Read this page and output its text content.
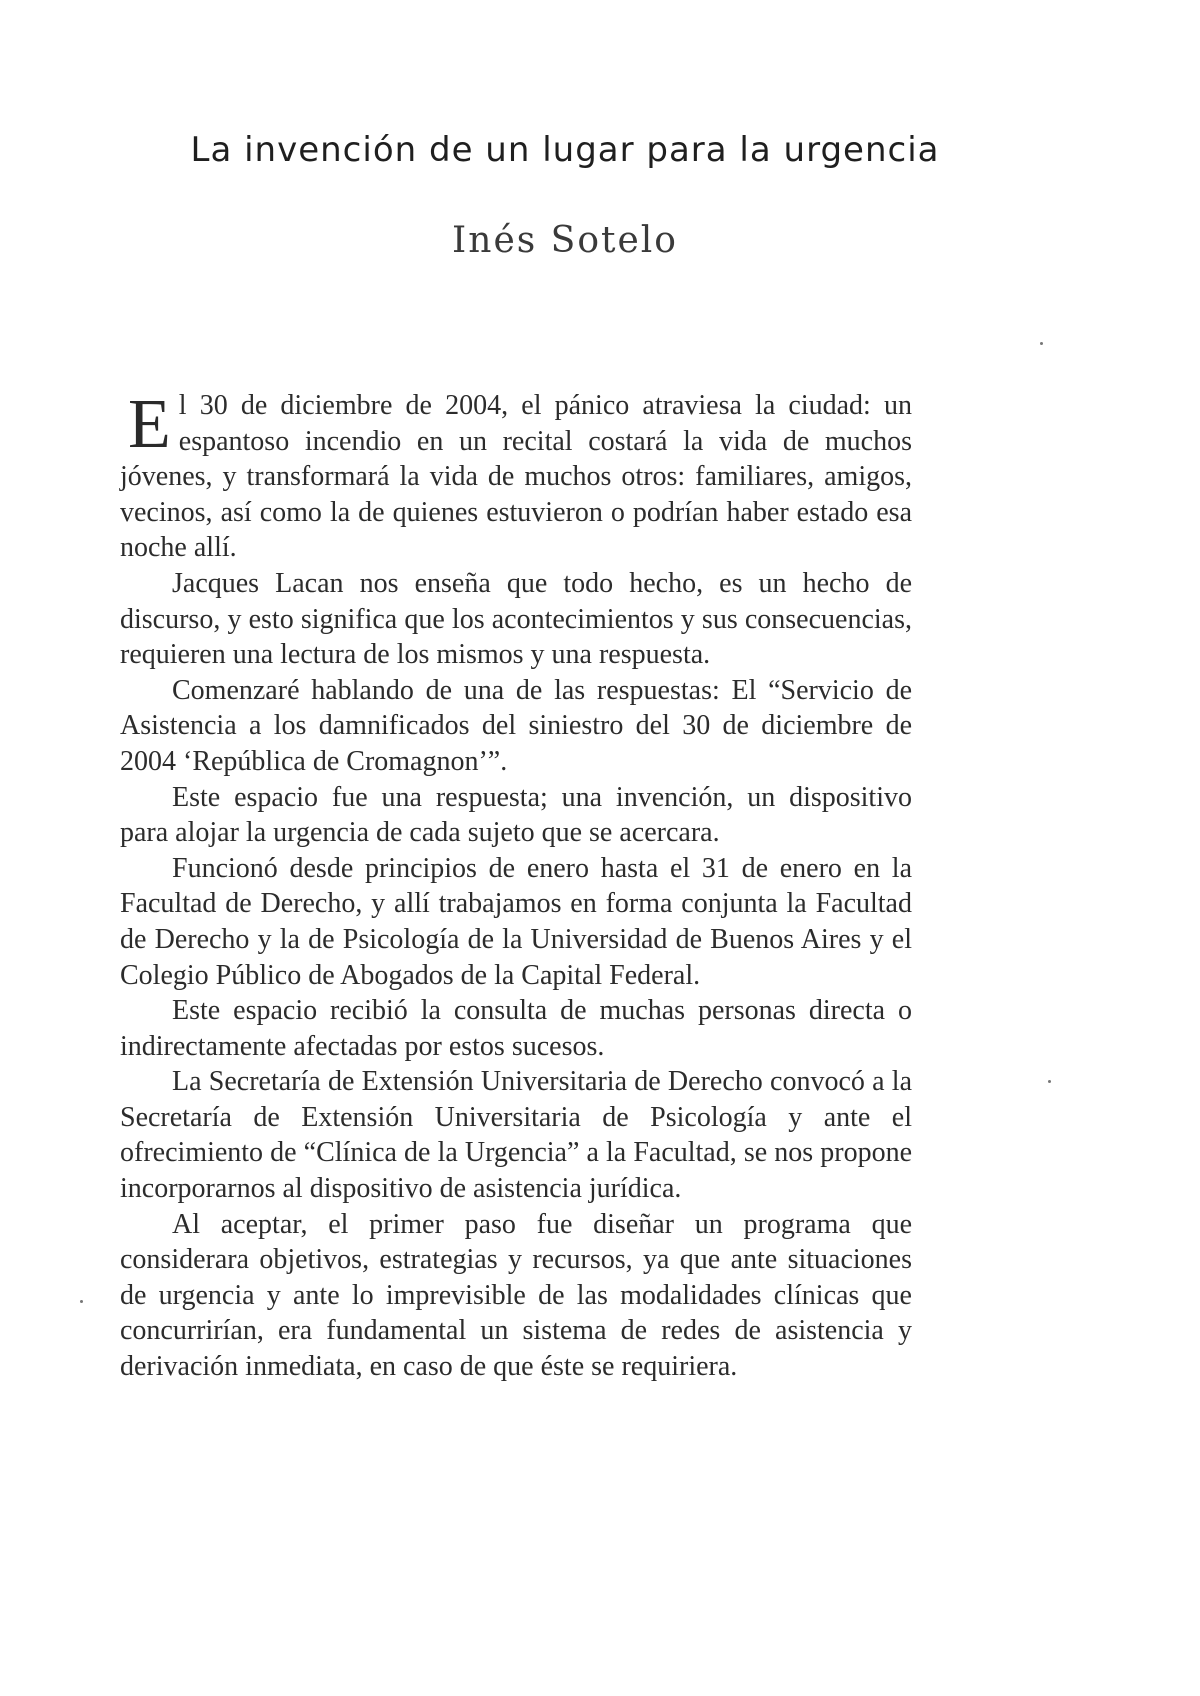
La invención de un lugar para la urgencia
Inés Sotelo

El 30 de diciembre de 2004, el pánico atraviesa la ciudad: un espantoso incendio en un recital costará la vida de muchos jóvenes, y transformará la vida de muchos otros: familiares, amigos, vecinos, así como la de quienes estuvieron o podrían haber estado esa noche allí.

Jacques Lacan nos enseña que todo hecho, es un hecho de discurso, y esto significa que los acontecimientos y sus consecuencias, requieren una lectura de los mismos y una respuesta.

Comenzaré hablando de una de las respuestas: El “Servicio de Asistencia a los damnificados del siniestro del 30 de diciembre de 2004 ‘República de Cromagnon’”.

Este espacio fue una respuesta; una invención, un dispositivo para alojar la urgencia de cada sujeto que se acercara.

Funcionó desde principios de enero hasta el 31 de enero en la Facultad de Derecho, y allí trabajamos en forma conjunta la Facultad de Derecho y la de Psicología de la Universidad de Buenos Aires y el Colegio Público de Abogados de la Capital Federal.

Este espacio recibió la consulta de muchas personas directa o indirectamente afectadas por estos sucesos.

La Secretaría de Extensión Universitaria de Derecho convocó a la Secretaría de Extensión Universitaria de Psicología y ante el ofrecimiento de “Clínica de la Urgencia” a la Facultad, se nos propone incorporarnos al dispositivo de asistencia jurídica.

Al aceptar, el primer paso fue diseñar un programa que considerara objetivos, estrategias y recursos, ya que ante situaciones de urgencia y ante lo imprevisible de las modalidades clínicas que concurrirían, era fundamental un sistema de redes de asistencia y derivación inmediata, en caso de que éste se requiriera.
